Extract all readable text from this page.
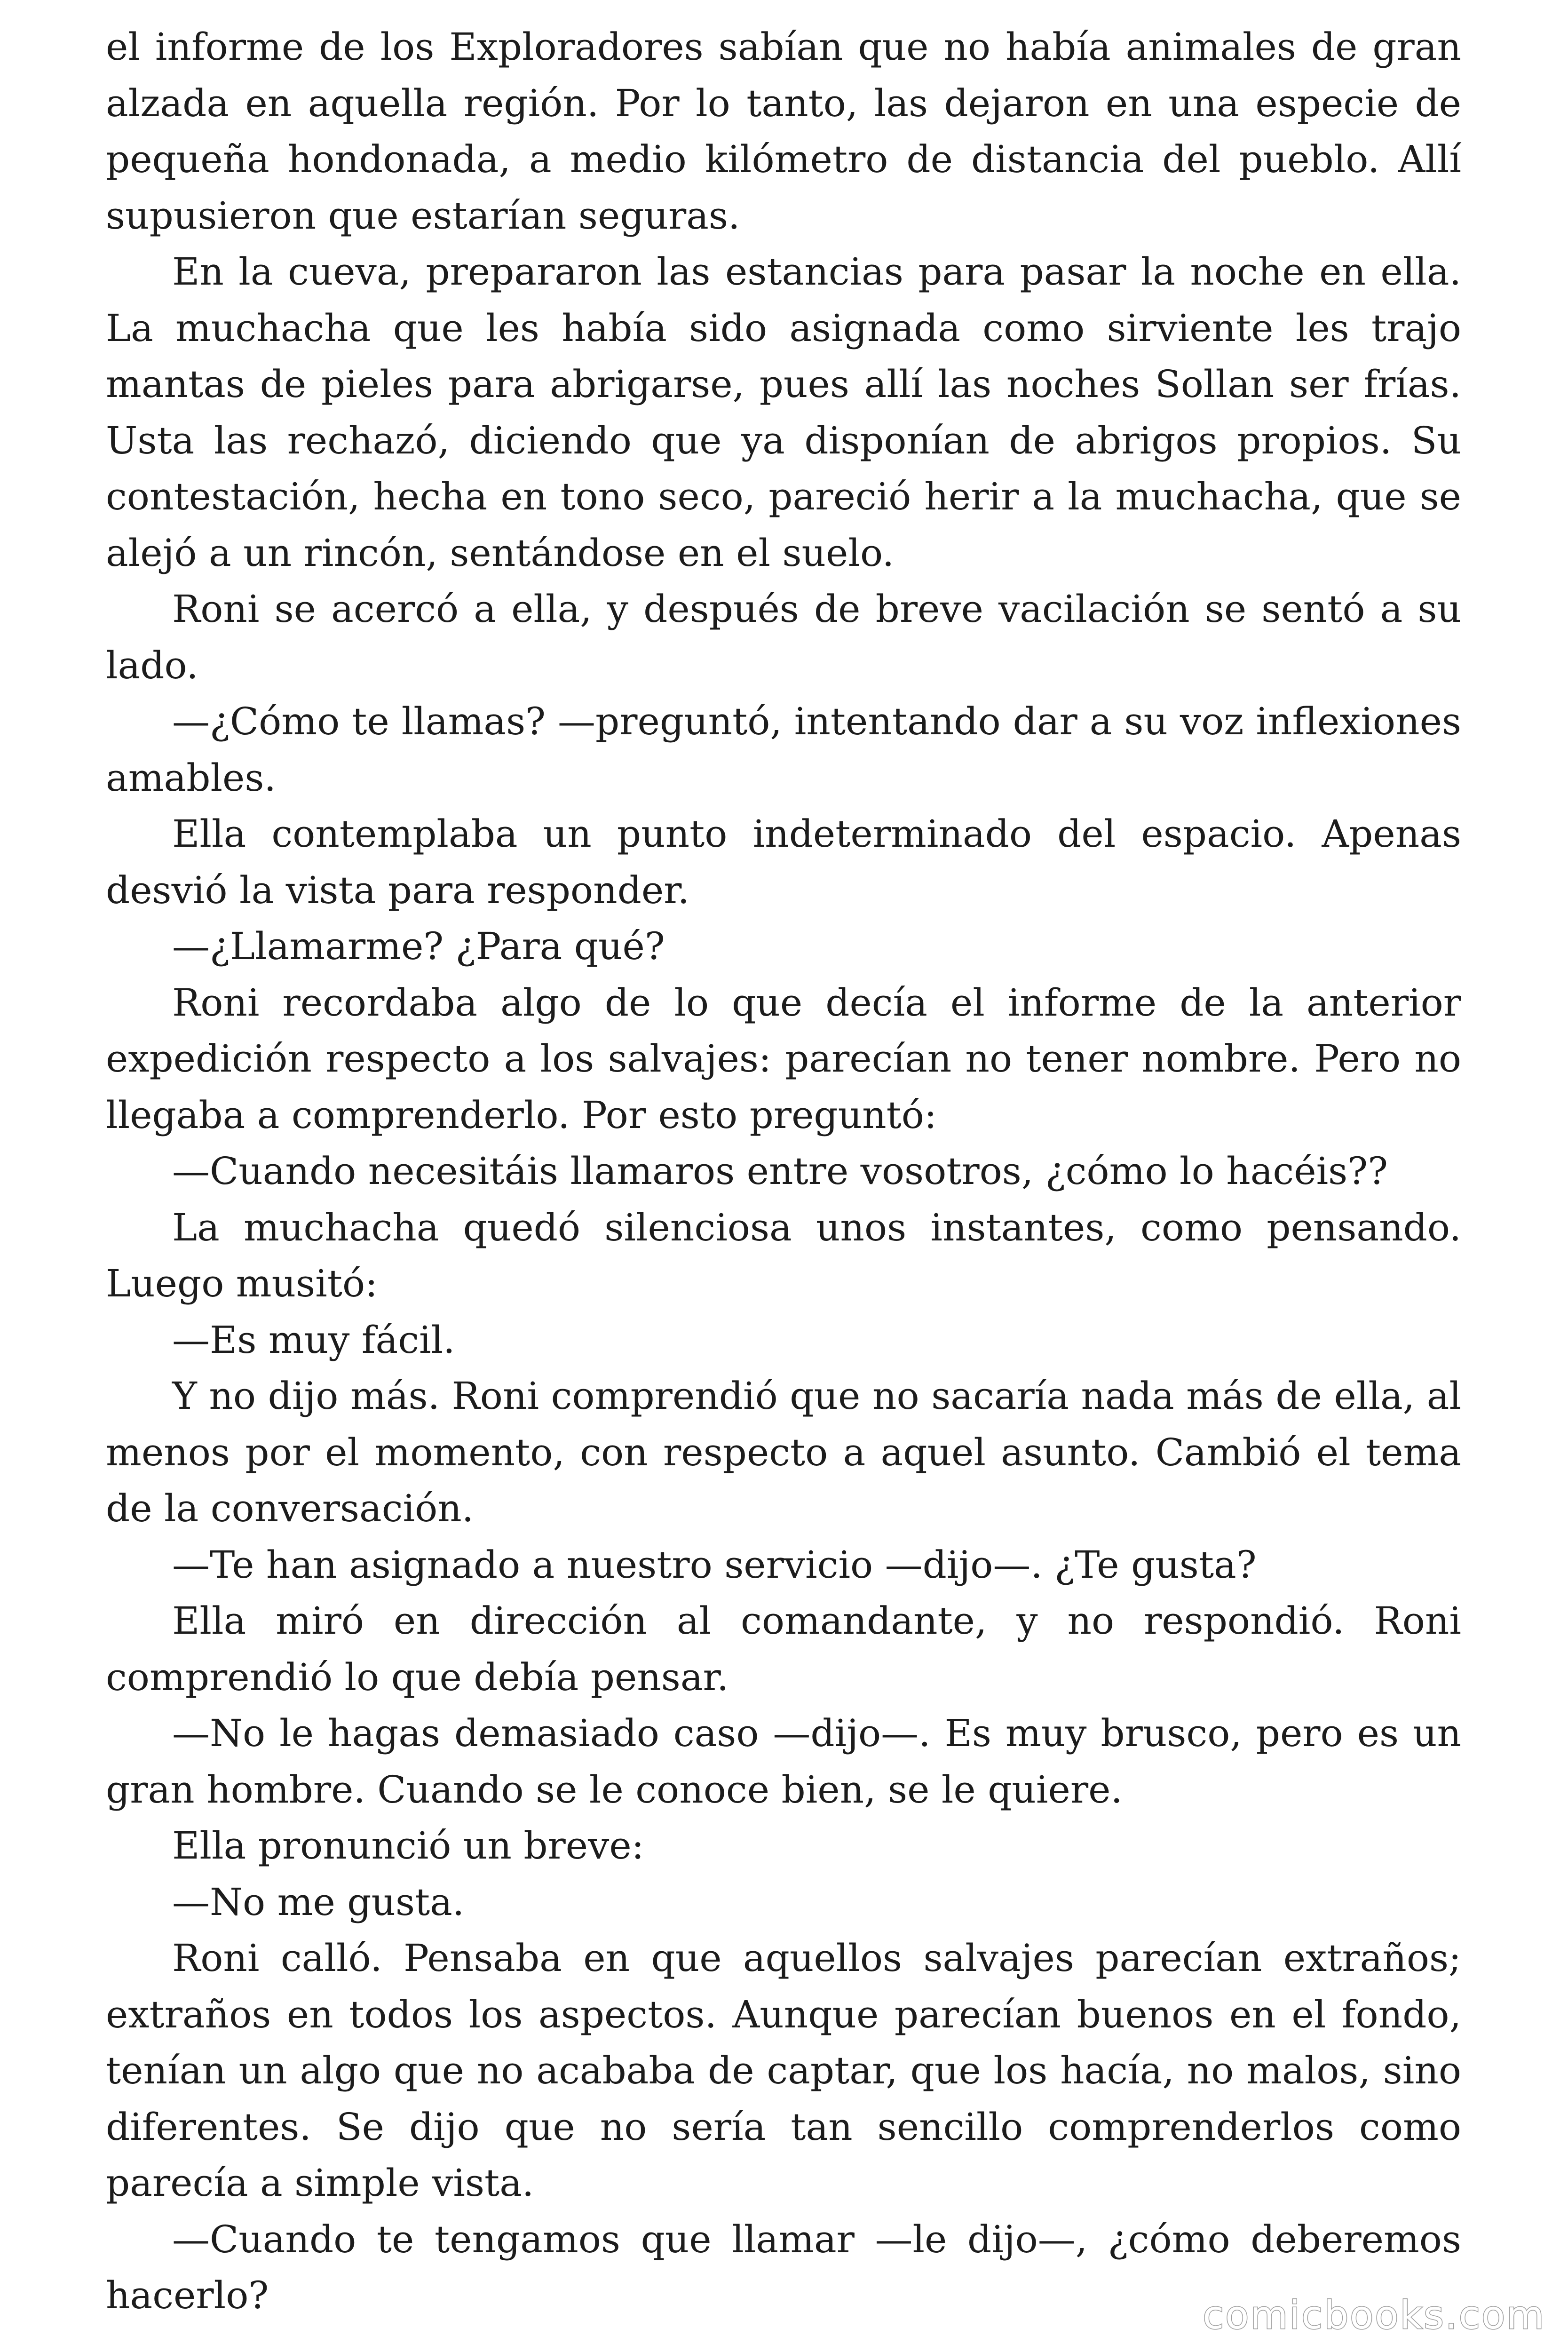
el informe de los Exploradores sabían que no había animales de gran alzada en aquella región. Por lo tanto, las dejaron en una especie de pequeña hondonada, a medio kilómetro de distancia del pueblo. Allí supusieron que estarían seguras.

En la cueva, prepararon las estancias para pasar la noche en ella. La muchacha que les había sido asignada como sirviente les trajo mantas de pieles para abrigarse, pues allí las noches Sollan ser frías. Usta las rechazó, diciendo que ya disponían de abrigos propios. Su contestación, hecha en tono seco, pareció herir a la muchacha, que se alejó a un rincón, sentándose en el suelo.

Roni se acercó a ella, y después de breve vacilación se sentó a su lado.

—¿Cómo te llamas? —preguntó, intentando dar a su voz inflexiones amables.

Ella contemplaba un punto indeterminado del espacio. Apenas desvió la vista para responder.

—¿Llamarme? ¿Para qué?

Roni recordaba algo de lo que decía el informe de la anterior expedición respecto a los salvajes: parecían no tener nombre. Pero no llegaba a comprenderlo. Por esto preguntó:

—Cuando necesitáis llamaros entre vosotros, ¿cómo lo hacéis??

La muchacha quedó silenciosa unos instantes, como pensando. Luego musitó:

—Es muy fácil.

Y no dijo más. Roni comprendió que no sacaría nada más de ella, al menos por el momento, con respecto a aquel asunto. Cambió el tema de la conversación.

—Te han asignado a nuestro servicio —dijo—. ¿Te gusta?

Ella miró en dirección al comandante, y no respondió. Roni comprendió lo que debía pensar.

—No le hagas demasiado caso —dijo—. Es muy brusco, pero es un gran hombre. Cuando se le conoce bien, se le quiere.

Ella pronunció un breve:

—No me gusta.

Roni calló. Pensaba en que aquellos salvajes parecían extraños; extraños en todos los aspectos. Aunque parecían buenos en el fondo, tenían un algo que no acababa de captar, que los hacía, no malos, sino diferentes. Se dijo que no sería tan sencillo comprenderlos como parecía a simple vista.

—Cuando te tengamos que llamar —le dijo—, ¿cómo deberemos hacerlo?	comicbooks.com
